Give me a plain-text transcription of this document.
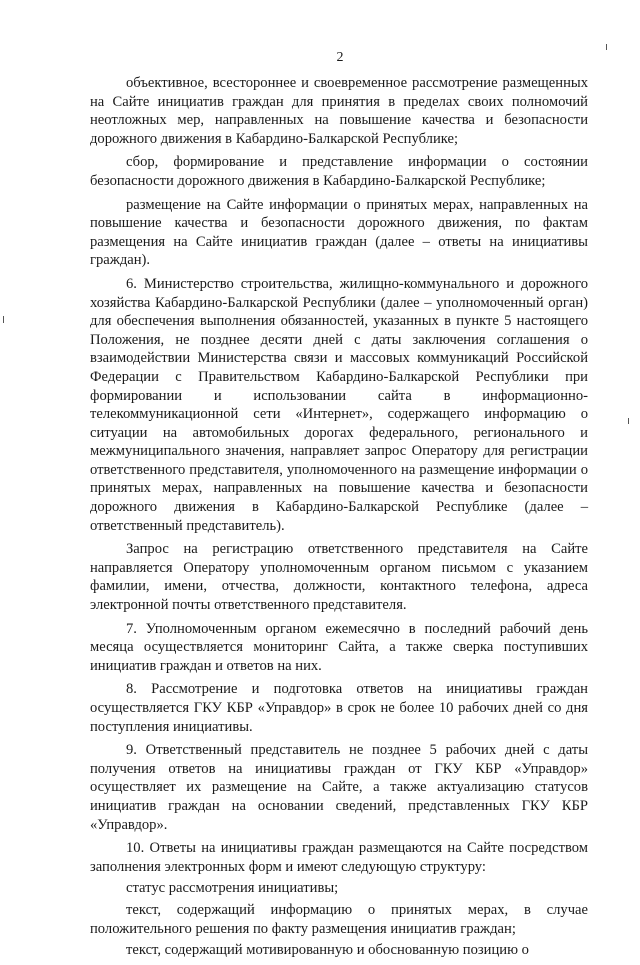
2

объективное, всестороннее и своевременное рассмотрение размещенных на Сайте инициатив граждан для принятия в пределах своих полномочий неотложных мер, направленных на повышение качества и безопасности дорожного движения в Кабардино-Балкарской Республике;

сбор, формирование и представление информации о состоянии безопасности дорожного движения в Кабардино-Балкарской Республике;

размещение на Сайте информации о принятых мерах, направленных на повышение качества и безопасности дорожного движения, по фактам размещения на Сайте инициатив граждан (далее – ответы на инициативы граждан).

6. Министерство строительства, жилищно-коммунального и дорожного хозяйства Кабардино-Балкарской Республики (далее – уполномоченный орган) для обеспечения выполнения обязанностей, указанных в пункте 5 настоящего Положения, не позднее десяти дней с даты заключения соглашения о взаимодействии Министерства связи и массовых коммуникаций Российской Федерации с Правительством Кабардино-Балкарской Республики при формировании и использовании сайта в информационно-телекоммуникационной сети «Интернет», содержащего информацию о ситуации на автомобильных дорогах федерального, регионального и межмуниципального значения, направляет запрос Оператору для регистрации ответственного представителя, уполномоченного на размещение информации о принятых мерах, направленных на повышение качества и безопасности дорожного движения в Кабардино-Балкарской Республике (далее – ответственный представитель).

Запрос на регистрацию ответственного представителя на Сайте направляется Оператору уполномоченным органом письмом с указанием фамилии, имени, отчества, должности, контактного телефона, адреса электронной почты ответственного представителя.

7. Уполномоченным органом ежемесячно в последний рабочий день месяца осуществляется мониторинг Сайта, а также сверка поступивших инициатив граждан и ответов на них.

8. Рассмотрение и подготовка ответов на инициативы граждан осуществляется ГКУ КБР «Управдор» в срок не более 10 рабочих дней со дня поступления инициативы.

9. Ответственный представитель не позднее 5 рабочих дней с даты получения ответов на инициативы граждан от ГКУ КБР «Управдор» осуществляет их размещение на Сайте, а также актуализацию статусов инициатив граждан на основании сведений, представленных ГКУ КБР «Управдор».

10. Ответы на инициативы граждан размещаются на Сайте посредством заполнения электронных форм и имеют следующую структуру:

статус рассмотрения инициативы;

текст, содержащий информацию о принятых мерах, в случае положительного решения по факту размещения инициатив граждан;

текст, содержащий мотивированную и обоснованную позицию о
